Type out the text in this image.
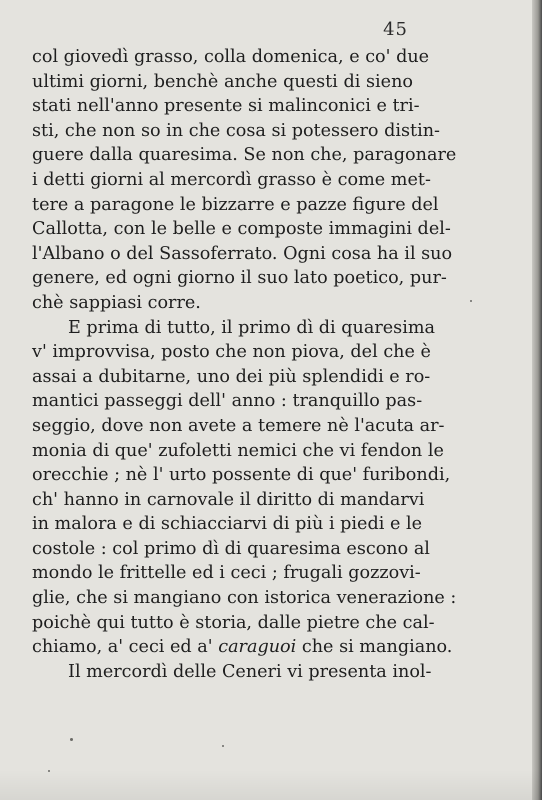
45
col giovedì grasso, colla domenica, e co' due
ultimi giorni, benchè anche questi di sieno
stati nell'anno presente si malinconici e tri-
sti, che non so in che cosa si potessero distin-
guere dalla quaresima. Se non che, paragonare
i detti giorni al mercordì grasso è come met-
tere a paragone le bizzarre e pazze figure del
Callotta, con le belle e composte immagini del-
l'Albano o del Sassoferrato. Ogni cosa ha il suo
genere, ed ogni giorno il suo lato poetico, pur-
chè sappiasi corre.
E prima di tutto, il primo dì di quaresima
v' improvvisa, posto che non piova, del che è
assai a dubitarne, uno dei più splendidi e ro-
mantici passeggi dell' anno : tranquillo pas-
seggio, dove non avete a temere nè l'acuta ar-
monia di que' zufoletti nemici che vi fendon le
orecchie ; nè l' urto possente di que' furibondi,
ch' hanno in carnovale il diritto di mandarvi
in malora e di schiacciarvi di più i piedi e le
costole : col primo dì di quaresima escono al
mondo le frittelle ed i ceci ; frugali gozzovi-
glie, che si mangiano con istorica venerazione :
poichè qui tutto è storia, dalle pietre che cal-
chiamo, a' ceci ed a' caraguoi che si mangiano.
Il mercordì delle Ceneri vi presenta inol-
